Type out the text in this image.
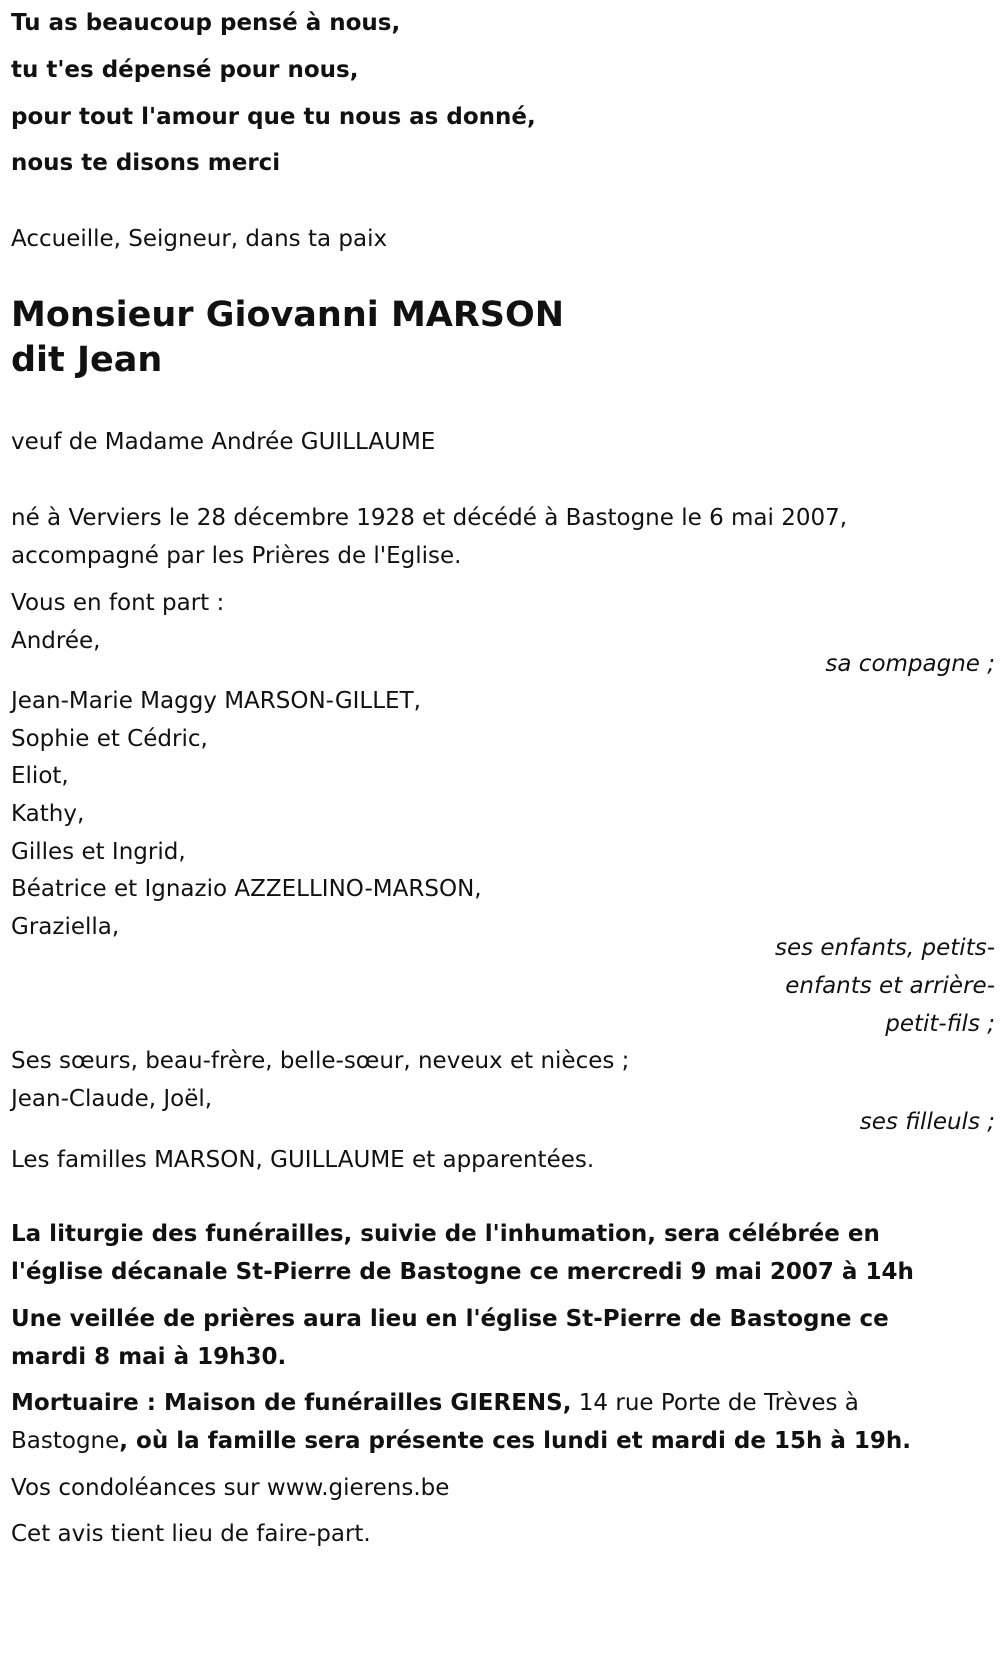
Tu as beaucoup pensé à nous,
tu t'es dépensé pour nous,
pour tout l'amour que tu nous as donné,
nous te disons merci
Accueille, Seigneur, dans ta paix
Monsieur Giovanni MARSON
dit Jean
veuf de Madame Andrée GUILLAUME
né à Verviers le 28 décembre 1928 et décédé à Bastogne le 6 mai 2007,
accompagné par les Prières de l'Eglise.
Vous en font part :
Andrée,
sa compagne ;
Jean-Marie Maggy MARSON-GILLET,
Sophie et Cédric,
Eliot,
Kathy,
Gilles et Ingrid,
Béatrice et Ignazio AZZELLINO-MARSON,
Graziella,
ses enfants, petits-
enfants et arrière-
petit-fils ;
Ses sœurs, beau-frère, belle-sœur, neveux et nièces ;
Jean-Claude, Joël,
ses filleuls ;
Les familles MARSON, GUILLAUME et apparentées.
La liturgie des funérailles, suivie de l'inhumation, sera célébrée en
l'église décanale St-Pierre de Bastogne ce mercredi 9 mai 2007 à 14h
Une veillée de prières aura lieu en l'église St-Pierre de Bastogne ce
mardi 8 mai à 19h30.
Mortuaire : Maison de funérailles GIERENS, 14 rue Porte de Trèves à
Bastogne, où la famille sera présente ces lundi et mardi de 15h à 19h.
Vos condoléances sur www.gierens.be
Cet avis tient lieu de faire-part.
